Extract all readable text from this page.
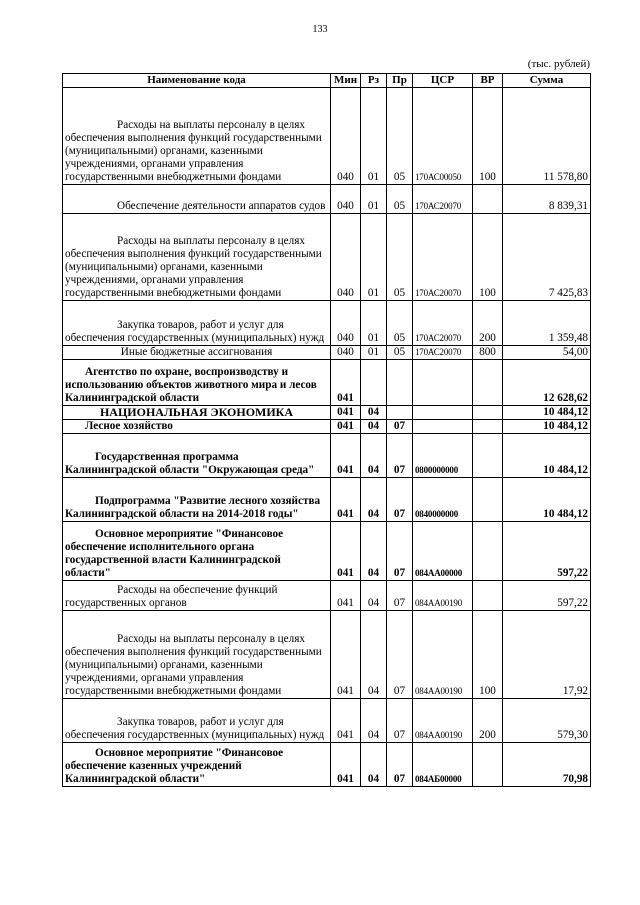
133
(тыс. рублей)
Наименование кода	Мин	Рз	Пр	ЦСР	ВР	Сумма
Расходы на выплаты персоналу в целях обеспечения выполнения функций государственными (муниципальными) органами, казенными учреждениями, органами управления государственными внебюджетными фондами	040	01	05	170АС00050	100	11 578,80
Обеспечение деятельности аппаратов судов	040	01	05	170АС20070		8 839,31
Расходы на выплаты персоналу в целях обеспечения выполнения функций государственными (муниципальными) органами, казенными учреждениями, органами управления государственными внебюджетными фондами	040	01	05	170АС20070	100	7 425,83
Закупка товаров, работ и услуг для обеспечения государственных (муниципальных) нужд	040	01	05	170АС20070	200	1 359,48
Иные бюджетные ассигнования	040	01	05	170АС20070	800	54,00
Агентство по охране, воспроизводству и использованию объектов животного мира и лесов Калининградской области	041					12 628,62
НАЦИОНАЛЬНАЯ ЭКОНОМИКА	041	04				10 484,12
Лесное хозяйство	041	04	07			10 484,12
Государственная программа Калининградской области "Окружающая среда"	041	04	07	0800000000		10 484,12
Подпрограмма "Развитие лесного хозяйства Калининградской области на 2014-2018 годы"	041	04	07	0840000000		10 484,12
Основное мероприятие "Финансовое обеспечение исполнительного органа государственной власти Калининградской области"	041	04	07	084АА00000		597,22
Расходы на обеспечение функций государственных органов	041	04	07	084АА00190		597,22
Расходы на выплаты персоналу в целях обеспечения выполнения функций государственными (муниципальными) органами, казенными учреждениями, органами управления государственными внебюджетными фондами	041	04	07	084АА00190	100	17,92
Закупка товаров, работ и услуг для обеспечения государственных (муниципальных) нужд	041	04	07	084АА00190	200	579,30
Основное мероприятие "Финансовое обеспечение казенных учреждений Калининградской области"	041	04	07	084АБ00000		70,98
